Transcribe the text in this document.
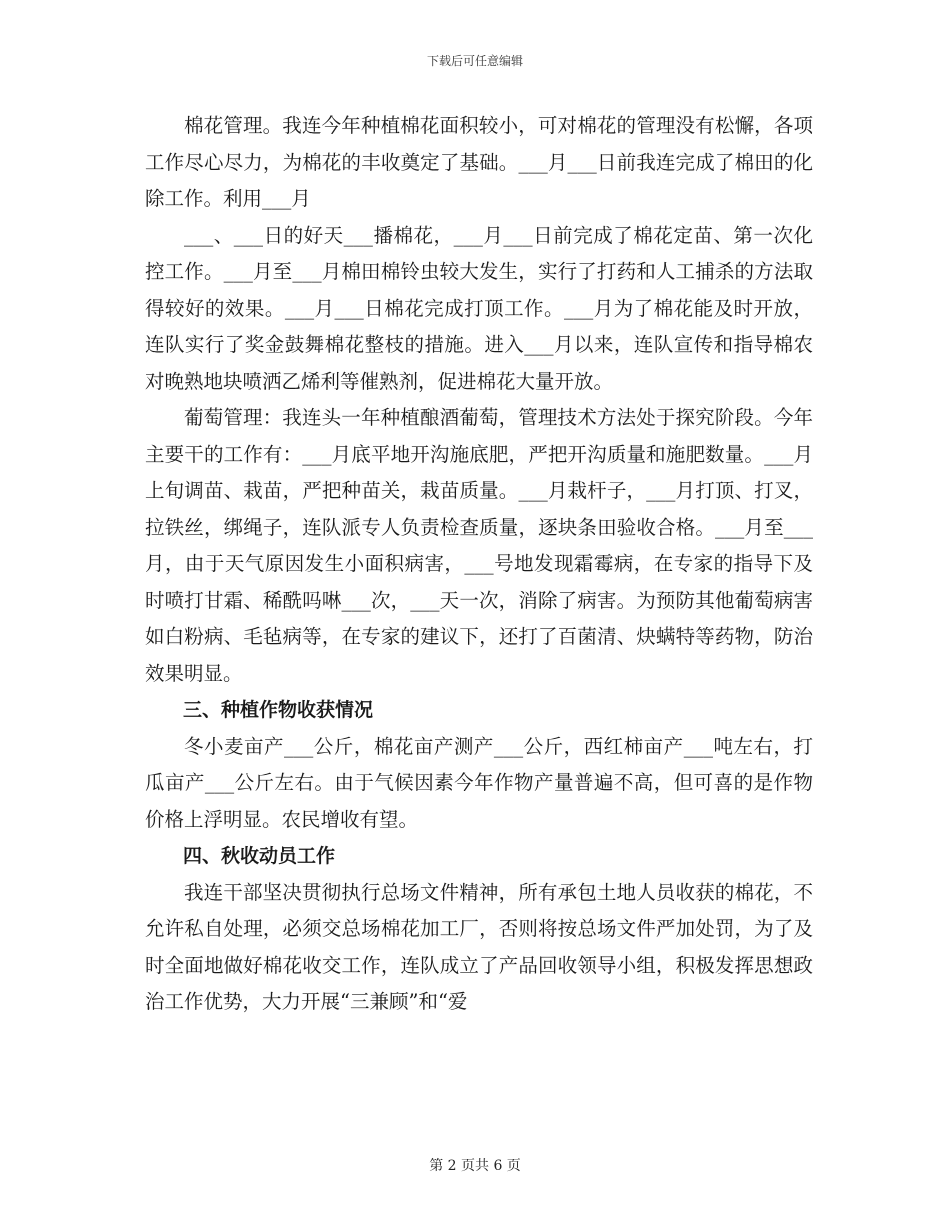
下载后可任意编辑

棉花管理。我连今年种植棉花面积较小，可对棉花的管理没有松懈，各项工作尽心尽力，为棉花的丰收奠定了基础。___月___日前我连完成了棉田的化除工作。利用___月

___、___日的好天___播棉花，___月___日前完成了棉花定苗、第一次化控工作。___月至___月棉田棉铃虫较大发生，实行了打药和人工捕杀的方法取得较好的效果。___月___日棉花完成打顶工作。___月为了棉花能及时开放，连队实行了奖金鼓舞棉花整枝的措施。进入___月以来，连队宣传和指导棉农对晚熟地块喷洒乙烯利等催熟剂，促进棉花大量开放。

葡萄管理：我连头一年种植酿酒葡萄，管理技术方法处于探究阶段。今年主要干的工作有：___月底平地开沟施底肥，严把开沟质量和施肥数量。___月上旬调苗、栽苗，严把种苗关，栽苗质量。___月栽杆子，___月打顶、打叉，拉铁丝，绑绳子，连队派专人负责检查质量，逐块条田验收合格。___月至___月，由于天气原因发生小面积病害，___号地发现霜霉病，在专家的指导下及时喷打甘霜、稀酰吗啉___次，___天一次，消除了病害。为预防其他葡萄病害如白粉病、毛毡病等，在专家的建议下，还打了百菌清、炔螨特等药物，防治效果明显。

三、种植作物收获情况

冬小麦亩产___公斤，棉花亩产测产___公斤，西红柿亩产___吨左右，打瓜亩产___公斤左右。由于气候因素今年作物产量普遍不高，但可喜的是作物价格上浮明显。农民增收有望。

四、秋收动员工作

我连干部坚决贯彻执行总场文件精神，所有承包土地人员收获的棉花，不允许私自处理，必须交总场棉花加工厂，否则将按总场文件严加处罚，为了及时全面地做好棉花收交工作，连队成立了产品回收领导小组，积极发挥思想政治工作优势，大力开展“三兼顾”和“爱

第 2 页共 6 页
